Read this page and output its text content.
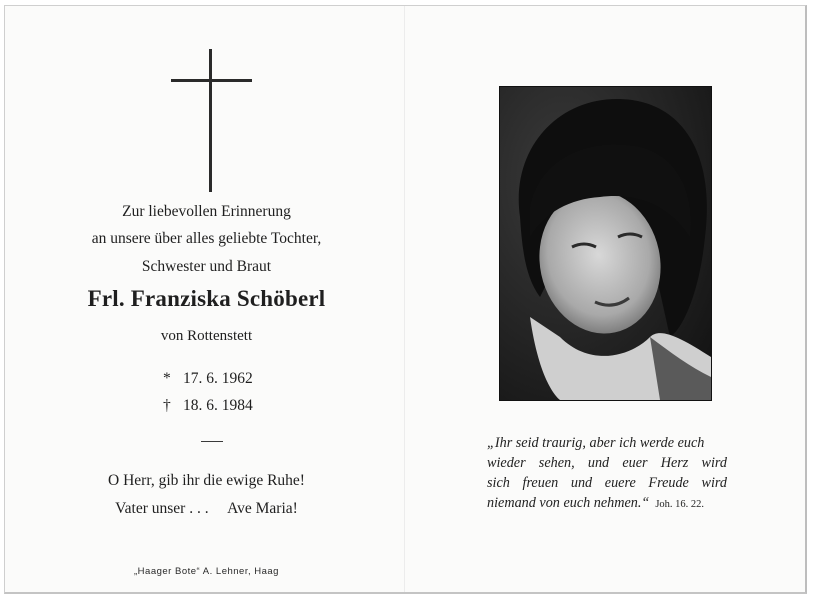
Zur liebevollen Erinnerung
an unsere über alles geliebte Tochter,
Schwester und Braut
Frl. Franziska Schöberl
von Rottenstett
* 17. 6. 1962
† 18. 6. 1984
O Herr, gib ihr die ewige Ruhe!
Vater unser . . .     Ave Maria!
„Haager Bote“ A. Lehner, Haag
„Ihr seid traurig, aber ich werde euch
wieder sehen, und euer Herz wird
sich freuen und euere Freude wird
niemand von euch nehmen.“ Joh. 16. 22.
